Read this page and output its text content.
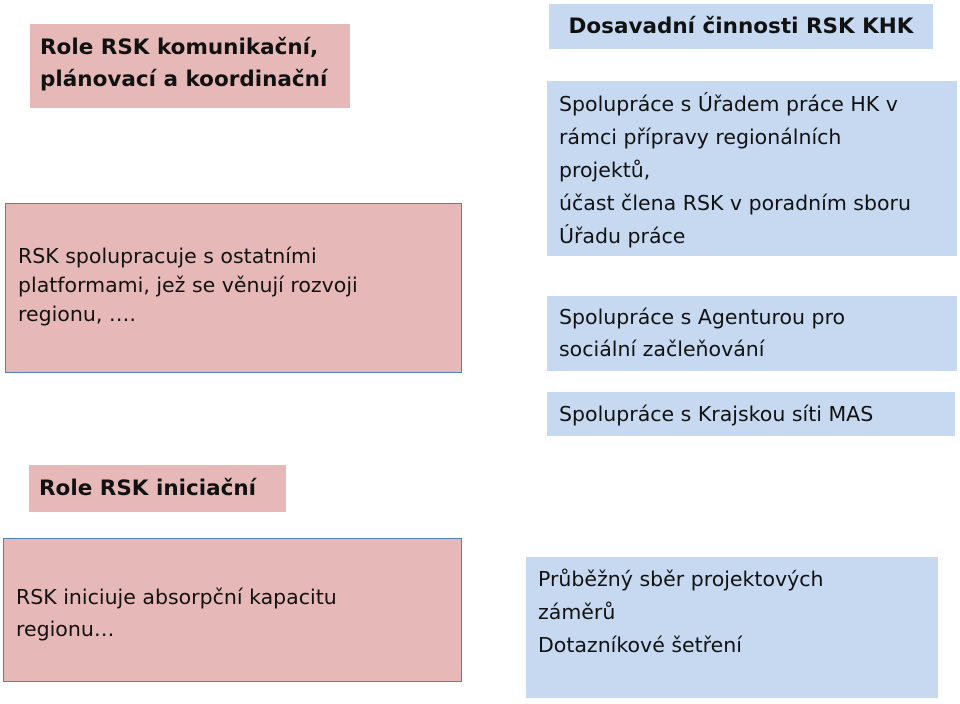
Role RSK komunikační,
plánovací a koordinační
RSK spolupracuje s ostatními
platformami, jež se věnují rozvoji
regionu, ….
Dosavadní činnosti RSK KHK
Spolupráce s Úřadem práce HK v
rámci přípravy regionálních
projektů,
účast člena RSK v poradním sboru
Úřadu práce
Spolupráce s Agenturou pro
sociální začleňování
Spolupráce s Krajskou síti MAS
Role RSK iniciační
RSK iniciuje absorpční kapacitu
regionu…
Průběžný sběr projektových
záměrů
Dotazníkové šetření
